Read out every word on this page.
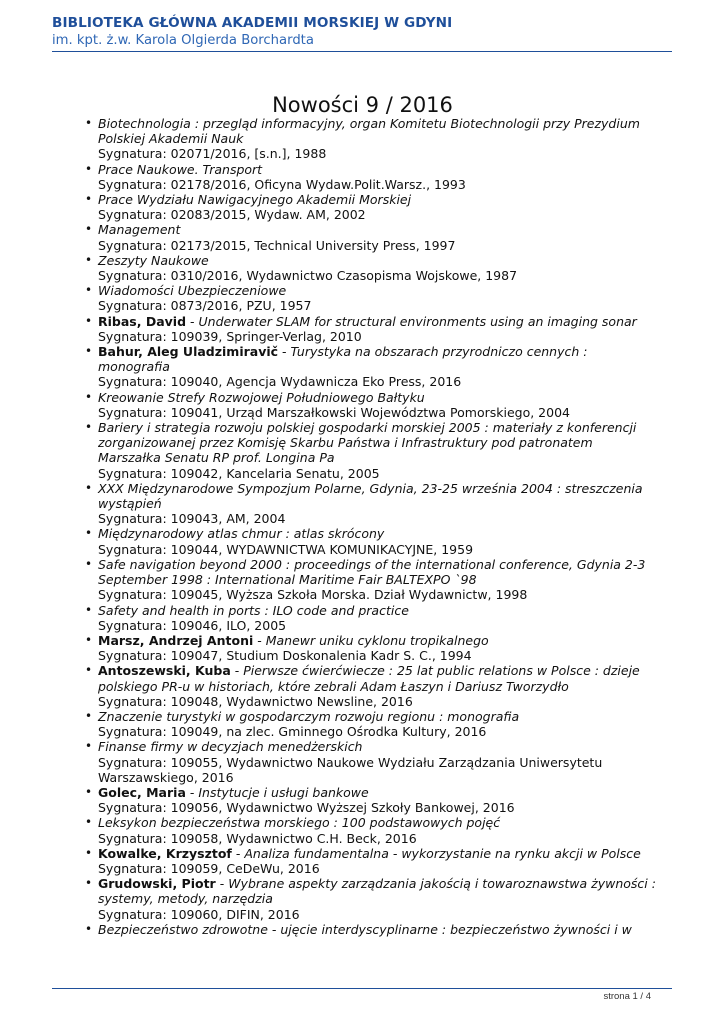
BIBLIOTEKA GŁÓWNA AKADEMII MORSKIEJ W GDYNI
im. kpt. ż.w. Karola Olgierda Borchardta
Nowości 9 / 2016
• Biotechnologia : przegląd informacyjny, organ Komitetu Biotechnologii przy Prezydium Polskiej Akademii Nauk
Sygnatura: 02071/2016, [s.n.], 1988
• Prace Naukowe. Transport
Sygnatura: 02178/2016, Oficyna Wydaw.Polit.Warsz., 1993
• Prace Wydziału Nawigacyjnego Akademii Morskiej
Sygnatura: 02083/2015, Wydaw. AM, 2002
• Management
Sygnatura: 02173/2015, Technical University Press, 1997
• Zeszyty Naukowe
Sygnatura: 0310/2016, Wydawnictwo Czasopisma Wojskowe, 1987
• Wiadomości Ubezpieczeniowe
Sygnatura: 0873/2016, PZU, 1957
• Ribas, David - Underwater SLAM for structural environments using an imaging sonar
Sygnatura: 109039, Springer-Verlag, 2010
• Bahur, Aleg Uladzimiravič - Turystyka na obszarach przyrodniczo cennych : monografia
Sygnatura: 109040, Agencja Wydawnicza Eko Press, 2016
• Kreowanie Strefy Rozwojowej Południowego Bałtyku
Sygnatura: 109041, Urząd Marszałkowski Województwa Pomorskiego, 2004
• Bariery i strategia rozwoju polskiej gospodarki morskiej 2005 : materiały z konferencji zorganizowanej przez Komisję Skarbu Państwa i Infrastruktury pod patronatem Marszałka Senatu RP prof. Longina Pa
Sygnatura: 109042, Kancelaria Senatu, 2005
• XXX Międzynarodowe Sympozjum Polarne, Gdynia, 23-25 września 2004 : streszczenia wystąpień
Sygnatura: 109043, AM, 2004
• Międzynarodowy atlas chmur : atlas skrócony
Sygnatura: 109044, WYDAWNICTWA KOMUNIKACYJNE, 1959
• Safe navigation beyond 2000 : proceedings of the international conference, Gdynia 2-3 September 1998 : International Maritime Fair BALTEXPO `98
Sygnatura: 109045, Wyższa Szkoła Morska. Dział Wydawnictw, 1998
• Safety and health in ports : ILO code and practice
Sygnatura: 109046, ILO, 2005
• Marsz, Andrzej Antoni - Manewr uniku cyklonu tropikalnego
Sygnatura: 109047, Studium Doskonalenia Kadr S. C., 1994
• Antoszewski, Kuba - Pierwsze ćwierćwiecze : 25 lat public relations w Polsce : dzieje polskiego PR-u w historiach, które zebrali Adam Łaszyn i Dariusz Tworzydło
Sygnatura: 109048, Wydawnictwo Newsline, 2016
• Znaczenie turystyki w gospodarczym rozwoju regionu : monografia
Sygnatura: 109049, na zlec. Gminnego Ośrodka Kultury, 2016
• Finanse firmy w decyzjach menedżerskich
Sygnatura: 109055, Wydawnictwo Naukowe Wydziału Zarządzania Uniwersytetu Warszawskiego, 2016
• Golec, Maria - Instytucje i usługi bankowe
Sygnatura: 109056, Wydawnictwo Wyższej Szkoły Bankowej, 2016
• Leksykon bezpieczeństwa morskiego : 100 podstawowych pojęć
Sygnatura: 109058, Wydawnictwo C.H. Beck, 2016
• Kowalke, Krzysztof - Analiza fundamentalna - wykorzystanie na rynku akcji w Polsce
Sygnatura: 109059, CeDeWu, 2016
• Grudowski, Piotr - Wybrane aspekty zarządzania jakością i towaroznawstwa żywności : systemy, metody, narzędzia
Sygnatura: 109060, DIFIN, 2016
• Bezpieczeństwo zdrowotne - ujęcie interdyscyplinarne : bezpieczeństwo żywności i w
strona 1 / 4
